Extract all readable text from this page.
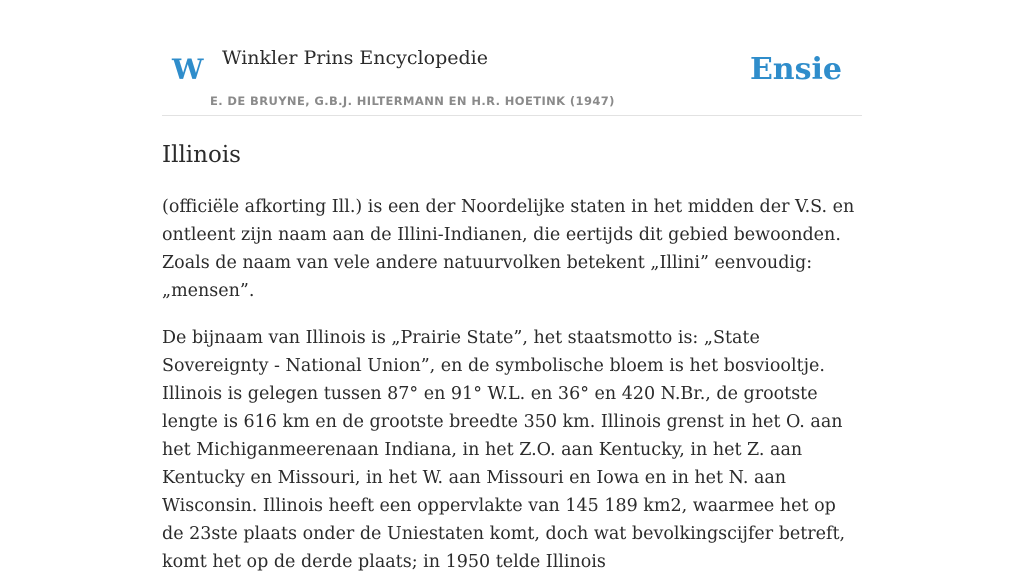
W Winkler Prins Encyclopedie
E. DE BRUYNE, G.B.J. HILTERMANN EN H.R. HOETINK (1947)
Ensie
Illinois

(officiële afkorting Ill.) is een der Noordelijke staten in het midden der V.S. en ontleent zijn naam aan de Illini-Indianen, die eertijds dit gebied bewoonden. Zoals de naam van vele andere natuurvolken betekent „Illini” eenvoudig: „mensen”.

De bijnaam van Illinois is „Prairie State”, het staatsmotto is: „State Sovereignty - National Union”, en de symbolische bloem is het bosviooltje. Illinois is gelegen tussen 87° en 91° W.L. en 36° en 420 N.Br., de grootste lengte is 616 km en de grootste breedte 350 km. Illinois grenst in het O. aan het Michiganmeerenaan Indiana, in het Z.O. aan Kentucky, in het Z. aan Kentucky en Missouri, in het W. aan Missouri en Iowa en in het N. aan Wisconsin. Illinois heeft een oppervlakte van 145 189 km2, waarmee het op de 23ste plaats onder de Uniestaten komt, doch wat bevolkingscijfer betreft, komt het op de derde plaats; in 1950 telde Illinois
